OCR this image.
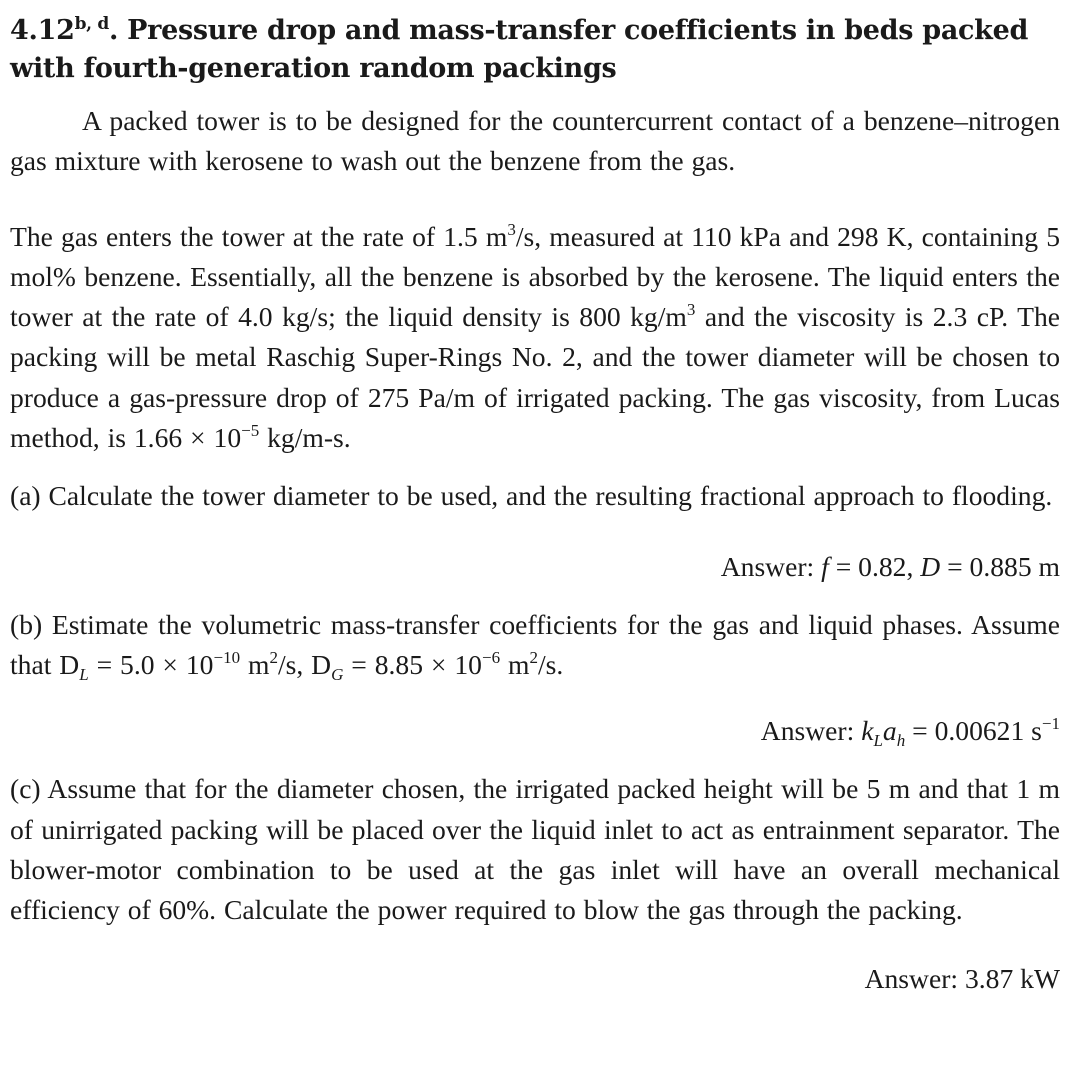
4.12$^{b, d}$. Pressure drop and mass-transfer coefficients in beds packed with fourth-generation random packings

A packed tower is to be designed for the countercurrent contact of a benzene–nitrogen gas mixture with kerosene to wash out the benzene from the gas.

The gas enters the tower at the rate of 1.5 $m^3/s$, measured at 110 kPa and 298 K, containing 5 mol% benzene. Essentially, all the benzene is absorbed by the kerosene. The liquid enters the tower at the rate of 4.0 kg/s; the liquid density is 800 $kg/m^3$ and the viscosity is 2.3 cP. The packing will be metal Raschig Super-Rings No. 2, and the tower diameter will be chosen to produce a gas-pressure drop of 275 Pa/m of irrigated packing. The gas viscosity, from Lucas method, is $1.66 \times 10^{-5}$ kg/m-s.

(a) Calculate the tower diameter to be used, and the resulting fractional approach to flooding.

Answer: f = 0.82, D = 0.885 m

(b) Estimate the volumetric mass-transfer coefficients for the gas and liquid phases. Assume that $D_L = 5.0 \times 10^{-10}$ $m^2/s$, $D_G = 8.85 \times 10^{-6}$ $m^2/s$.

Answer: $k_La_h = 0.00621$ $s^{-1}$

(c) Assume that for the diameter chosen, the irrigated packed height will be 5 m and that 1 m of unirrigated packing will be placed over the liquid inlet to act as entrainment separator. The blower-motor combination to be used at the gas inlet will have an overall mechanical efficiency of 60%. Calculate the power required to blow the gas through the packing.

Answer: 3.87 kW
